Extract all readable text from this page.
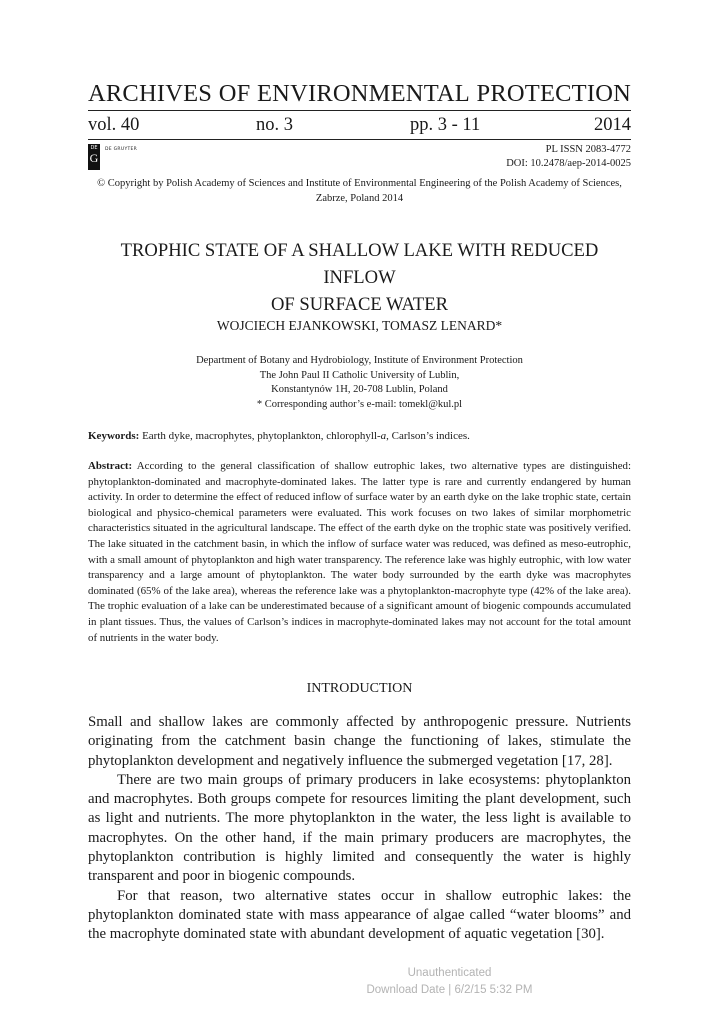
ARCHIVES OF ENVIRONMENTAL PROTECTION
vol. 40	no. 3	pp. 3 - 11	2014
DE
G
DE GRUYTER	PL ISSN 2083-4772
DOI: 10.2478/aep-2014-0025
© Copyright by Polish Academy of Sciences and Institute of Environmental Engineering of the Polish Academy of Sciences,
Zabrze, Poland 2014
TROPHIC STATE OF A SHALLOW LAKE WITH REDUCED INFLOW
OF SURFACE WATER
WOJCIECH EJANKOWSKI, TOMASZ LENARD*
Department of Botany and Hydrobiology, Institute of Environment Protection
The John Paul II Catholic University of Lublin,
Konstantynów 1H, 20-708 Lublin, Poland
* Corresponding author’s e-mail: tomekl@kul.pl
Keywords: Earth dyke, macrophytes, phytoplankton, chlorophyll-a, Carlson’s indices.

Abstract: According to the general classification of shallow eutrophic lakes, two alternative types are distinguished: phytoplankton-dominated and macrophyte-dominated lakes. The latter type is rare and currently endangered by human activity. In order to determine the effect of reduced inflow of surface water by an earth dyke on the lake trophic state, certain biological and physico-chemical parameters were evaluated. This work focuses on two lakes of similar morphometric characteristics situated in the agricultural landscape. The effect of the earth dyke on the trophic state was positively verified. The lake situated in the catchment basin, in which the inflow of surface water was reduced, was defined as meso-eutrophic, with a small amount of phytoplankton and high water transparency. The reference lake was highly eutrophic, with low water transparency and a large amount of phytoplankton. The water body surrounded by the earth dyke was macrophytes dominated (65% of the lake area), whereas the reference lake was a phytoplankton-macrophyte type (42% of the lake area). The trophic evaluation of a lake can be underestimated because of a significant amount of biogenic compounds accumulated in plant tissues. Thus, the values of Carlson’s indices in macrophyte-dominated lakes may not account for the total amount of nutrients in the water body.

INTRODUCTION

Small and shallow lakes are commonly affected by anthropogenic pressure. Nutrients originating from the catchment basin change the functioning of lakes, stimulate the phytoplankton development and negatively influence the submerged vegetation [17, 28].

There are two main groups of primary producers in lake ecosystems: phytoplankton and macrophytes. Both groups compete for resources limiting the plant development, such as light and nutrients. The more phytoplankton in the water, the less light is available to macrophytes. On the other hand, if the main primary producers are macrophytes, the phytoplankton contribution is highly limited and consequently the water is highly transparent and poor in biogenic compounds.

For that reason, two alternative states occur in shallow eutrophic lakes: the phytoplankton dominated state with mass appearance of algae called “water blooms” and the macrophyte dominated state with abundant development of aquatic vegetation [30].

Unauthenticated
Download Date | 6/2/15 5:32 PM
